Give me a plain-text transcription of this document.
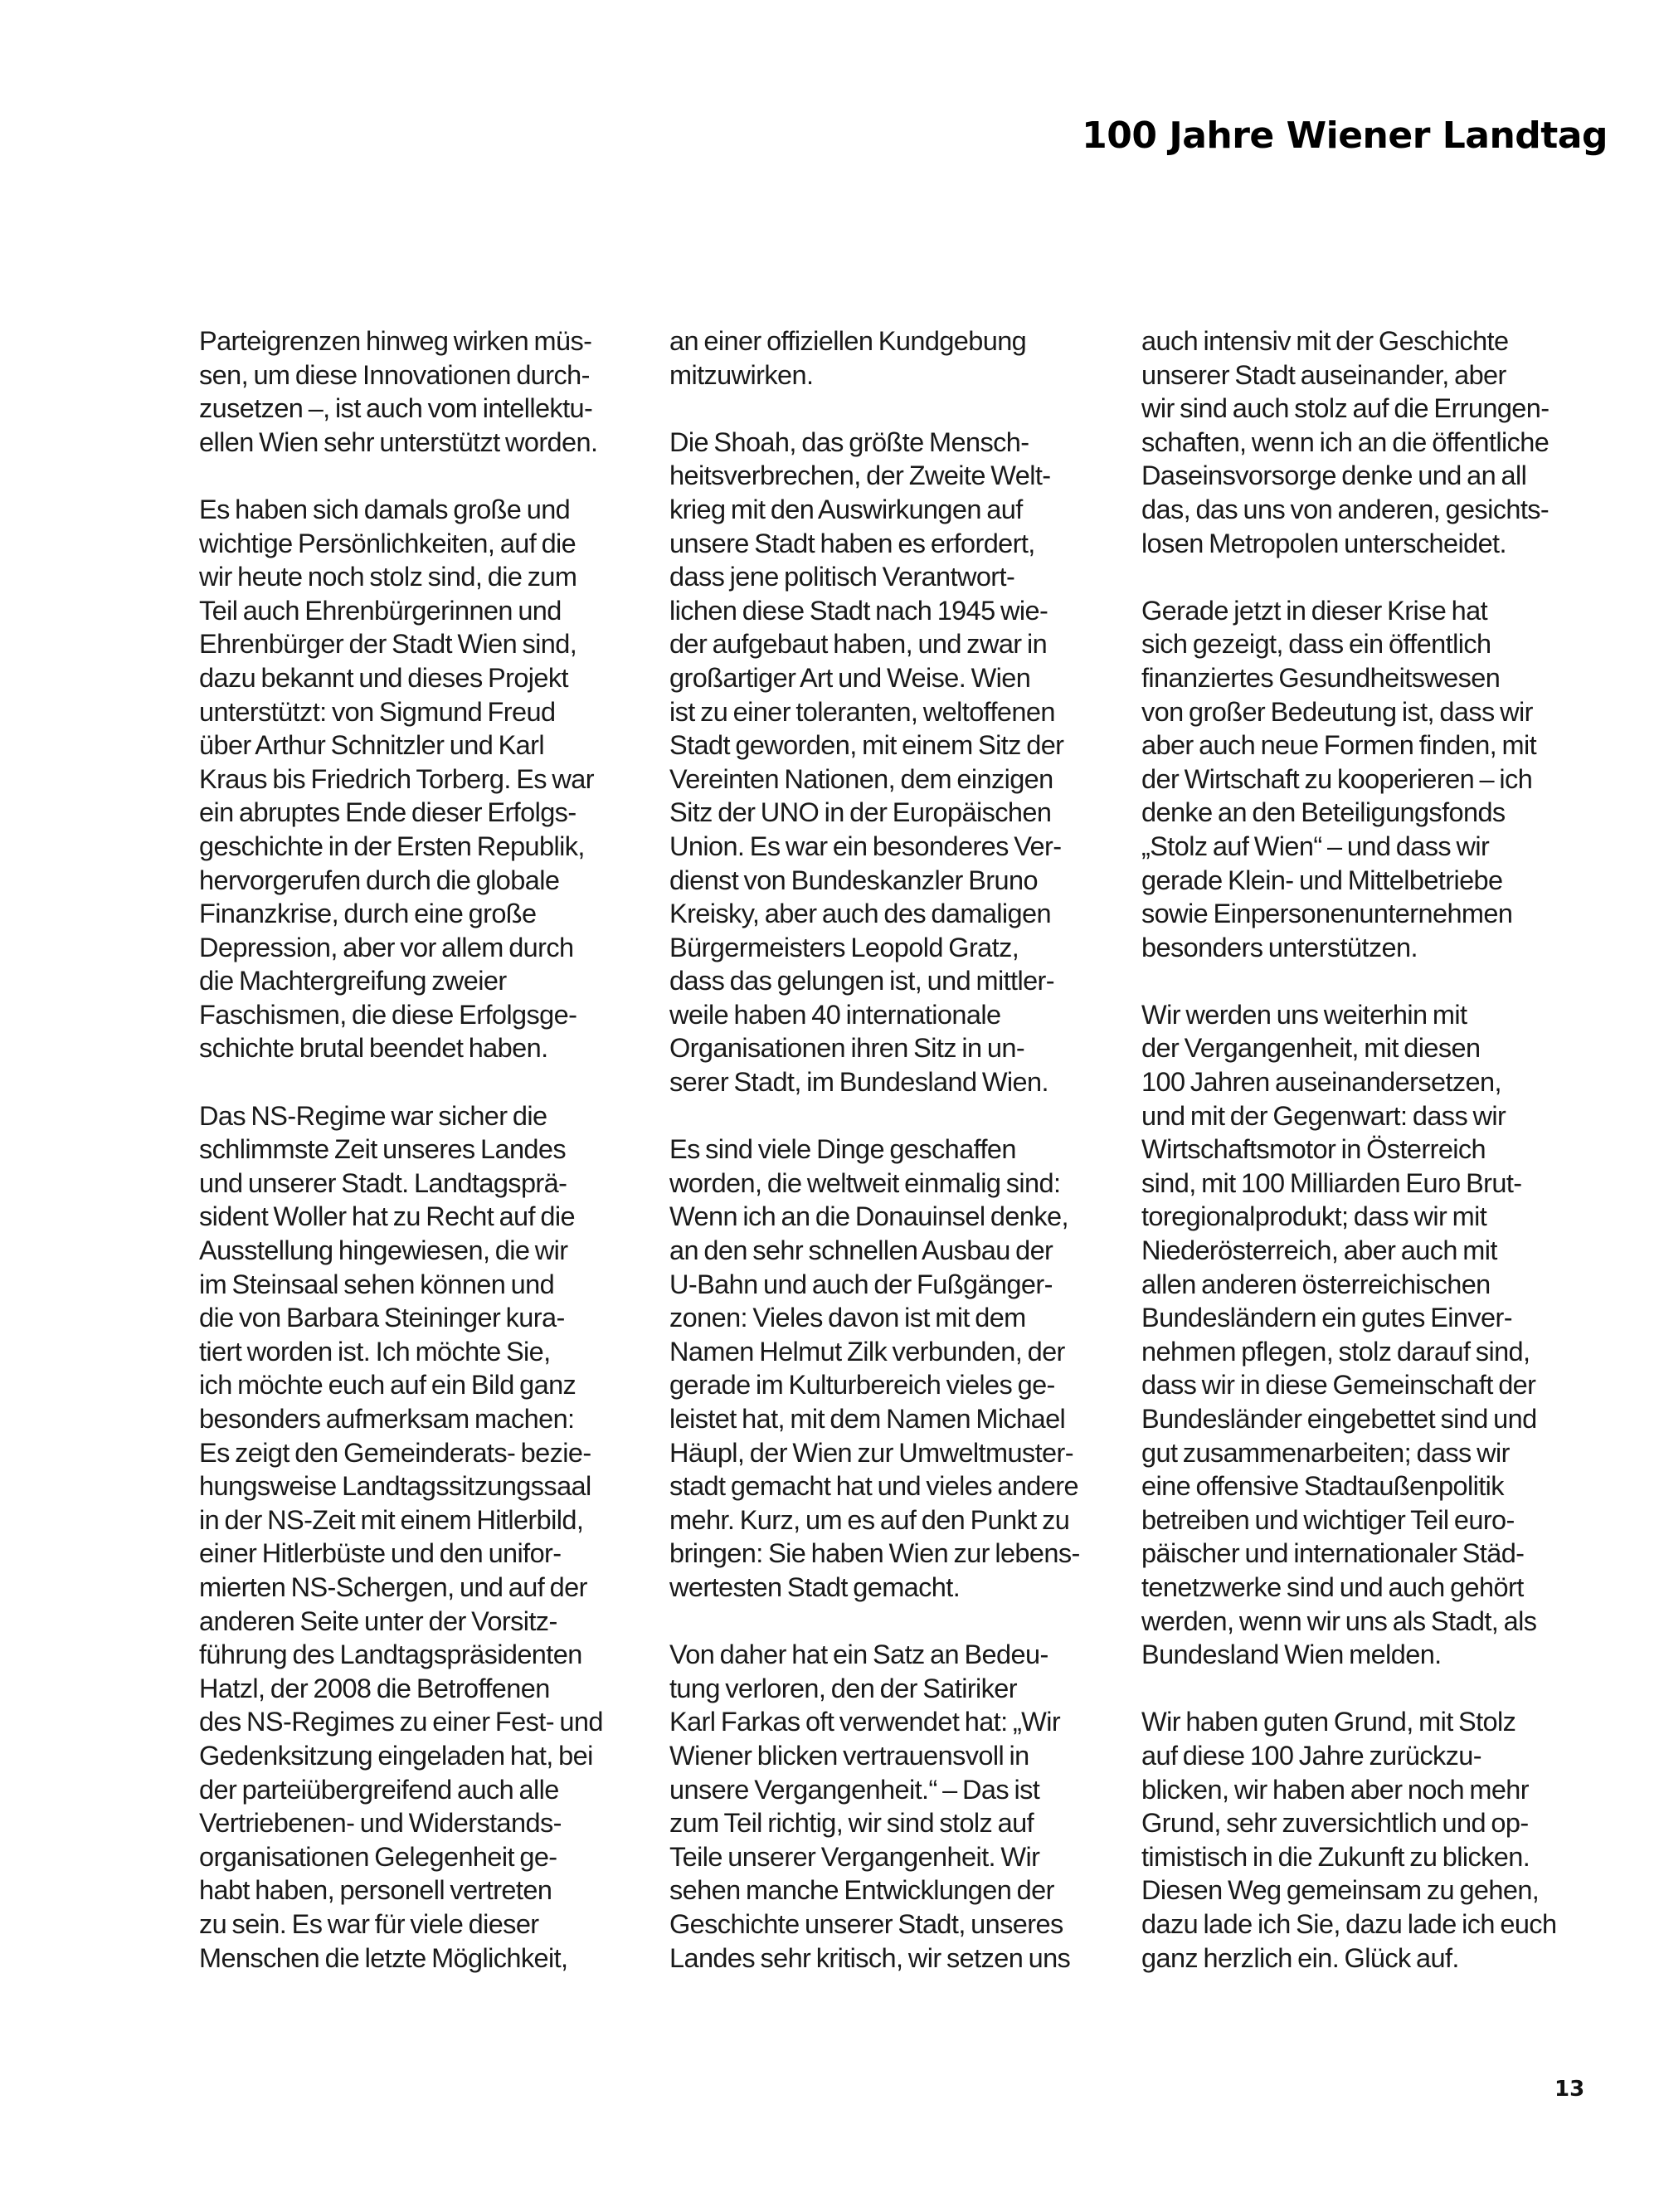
100 Jahre Wiener Landtag

Parteigrenzen hinweg wirken müs-
sen, um diese Innovationen durch-
zusetzen –, ist auch vom intellektu-
ellen Wien sehr unterstützt worden.

Es haben sich damals große und
wichtige Persönlichkeiten, auf die
wir heute noch stolz sind, die zum
Teil auch Ehrenbürgerinnen und
Ehrenbürger der Stadt Wien sind,
dazu bekannt und dieses Projekt
unterstützt: von Sigmund Freud
über Arthur Schnitzler und Karl
Kraus bis Friedrich Torberg. Es war
ein abruptes Ende dieser Erfolgs-
geschichte in der Ersten Republik,
hervorgerufen durch die globale
Finanzkrise, durch eine große
Depression, aber vor allem durch
die Machtergreifung zweier
Faschismen, die diese Erfolgsge-
schichte brutal beendet haben.

Das NS-Regime war sicher die
schlimmste Zeit unseres Landes
und unserer Stadt. Landtagsprä-
sident Woller hat zu Recht auf die
Ausstellung hingewiesen, die wir
im Steinsaal sehen können und
die von Barbara Steininger kura-
tiert worden ist. Ich möchte Sie,
ich möchte euch auf ein Bild ganz
besonders aufmerksam machen:
Es zeigt den Gemeinderats- bezie-
hungsweise Landtagssitzungssaal
in der NS-Zeit mit einem Hitlerbild,
einer Hitlerbüste und den unifor-
mierten NS-Schergen, und auf der
anderen Seite unter der Vorsitz-
führung des Landtagspräsidenten
Hatzl, der 2008 die Betroffenen
des NS-Regimes zu einer Fest- und
Gedenksitzung eingeladen hat, bei
der parteiübergreifend auch alle
Vertriebenen- und Widerstands-
organisationen Gelegenheit ge-
habt haben, personell vertreten
zu sein. Es war für viele dieser
Menschen die letzte Möglichkeit,

an einer offiziellen Kundgebung
mitzuwirken.

Die Shoah, das größte Mensch-
heitsverbrechen, der Zweite Welt-
krieg mit den Auswirkungen auf
unsere Stadt haben es erfordert,
dass jene politisch Verantwort-
lichen diese Stadt nach 1945 wie-
der aufgebaut haben, und zwar in
großartiger Art und Weise. Wien
ist zu einer toleranten, weltoffenen
Stadt geworden, mit einem Sitz der
Vereinten Nationen, dem einzigen
Sitz der UNO in der Europäischen
Union. Es war ein besonderes Ver-
dienst von Bundeskanzler Bruno
Kreisky, aber auch des damaligen
Bürgermeisters Leopold Gratz,
dass das gelungen ist, und mittler-
weile haben 40 internationale
Organisationen ihren Sitz in un-
serer Stadt, im Bundesland Wien.

Es sind viele Dinge geschaffen
worden, die weltweit einmalig sind:
Wenn ich an die Donauinsel denke,
an den sehr schnellen Ausbau der
U-Bahn und auch der Fußgänger-
zonen: Vieles davon ist mit dem
Namen Helmut Zilk verbunden, der
gerade im Kulturbereich vieles ge-
leistet hat, mit dem Namen Michael
Häupl, der Wien zur Umweltmuster-
stadt gemacht hat und vieles andere
mehr. Kurz, um es auf den Punkt zu
bringen: Sie haben Wien zur lebens-
wertesten Stadt gemacht.

Von daher hat ein Satz an Bedeu-
tung verloren, den der Satiriker
Karl Farkas oft verwendet hat: „Wir
Wiener blicken vertrauensvoll in
unsere Vergangenheit.“ – Das ist
zum Teil richtig, wir sind stolz auf
Teile unserer Vergangenheit. Wir
sehen manche Entwicklungen der
Geschichte unserer Stadt, unseres
Landes sehr kritisch, wir setzen uns

auch intensiv mit der Geschichte
unserer Stadt auseinander, aber
wir sind auch stolz auf die Errungen-
schaften, wenn ich an die öffentliche
Daseinsvorsorge denke und an all
das, das uns von anderen, gesichts-
losen Metropolen unterscheidet.

Gerade jetzt in dieser Krise hat
sich gezeigt, dass ein öffentlich
finanziertes Gesundheitswesen
von großer Bedeutung ist, dass wir
aber auch neue Formen finden, mit
der Wirtschaft zu kooperieren – ich
denke an den Beteiligungsfonds
„Stolz auf Wien“ – und dass wir
gerade Klein- und Mittelbetriebe
sowie Einpersonenunternehmen
besonders unterstützen.

Wir werden uns weiterhin mit
der Vergangenheit, mit diesen
100 Jahren auseinandersetzen,
und mit der Gegenwart: dass wir
Wirtschaftsmotor in Österreich
sind, mit 100 Milliarden Euro Brut-
toregionalprodukt; dass wir mit
Niederösterreich, aber auch mit
allen anderen österreichischen
Bundesländern ein gutes Einver-
nehmen pflegen, stolz darauf sind,
dass wir in diese Gemeinschaft der
Bundesländer eingebettet sind und
gut zusammenarbeiten; dass wir
eine offensive Stadtaußenpolitik
betreiben und wichtiger Teil euro-
päischer und internationaler Städ-
tenetzwerke sind und auch gehört
werden, wenn wir uns als Stadt, als
Bundesland Wien melden.

Wir haben guten Grund, mit Stolz
auf diese 100 Jahre zurückzu-
blicken, wir haben aber noch mehr
Grund, sehr zuversichtlich und op-
timistisch in die Zukunft zu blicken.
Diesen Weg gemeinsam zu gehen,
dazu lade ich Sie, dazu lade ich euch
ganz herzlich ein. Glück auf.

13
